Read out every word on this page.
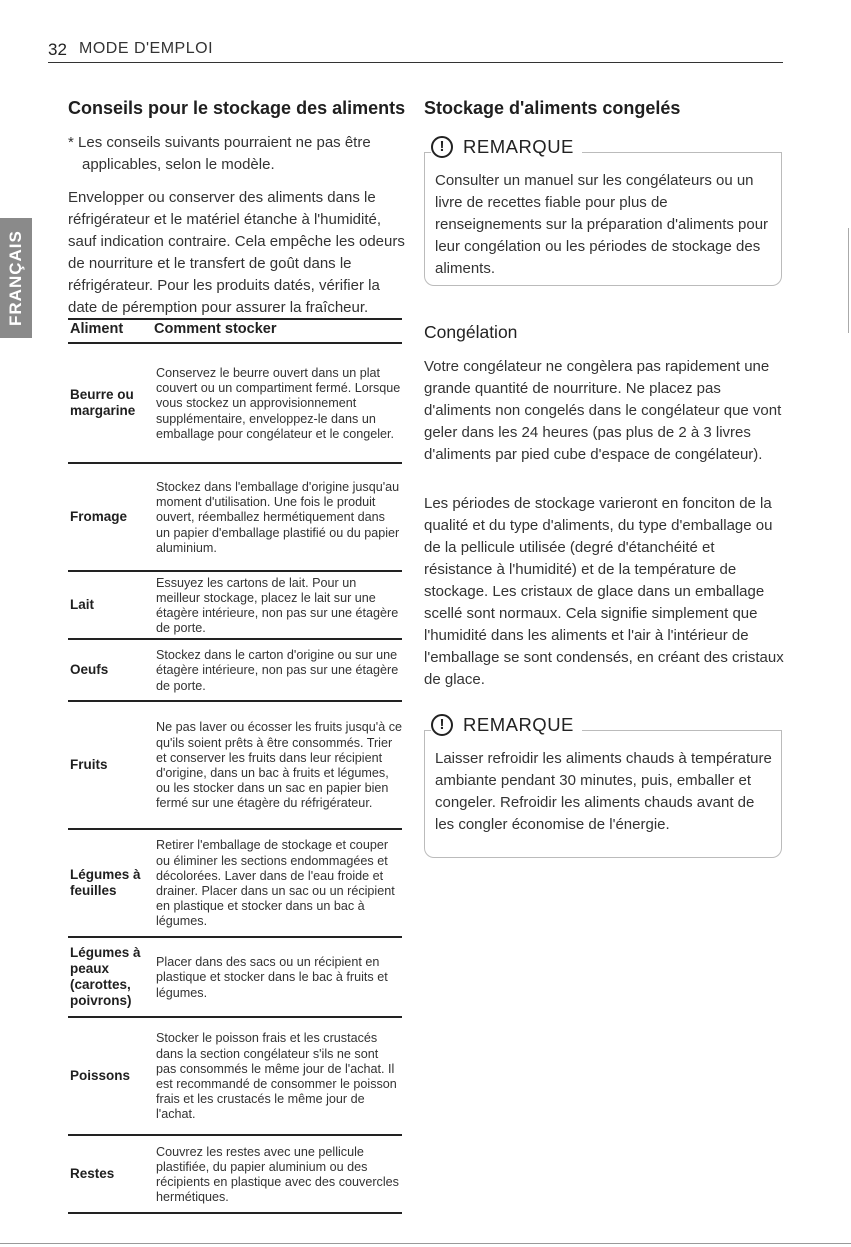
32 MODE D'EMPLOI
FRANÇAIS
Conseils pour le stockage des aliments

* Les conseils suivants pourraient ne pas être applicables, selon le modèle.

Envelopper ou conserver des aliments dans le réfrigérateur et le matériel étanche à l'humidité, sauf indication contraire. Cela empêche les odeurs de nourriture et le transfert de goût dans le réfrigérateur. Pour les produits datés, vérifier la date de péremption pour assurer la fraîcheur.

Aliment Comment stocker
Beurre ou margarine
Conservez le beurre ouvert dans un plat couvert ou un compartiment fermé. Lorsque vous stockez un approvisionnement supplémentaire, enveloppez-le dans un emballage pour congélateur et le congeler.
Fromage
Stockez dans l'emballage d'origine jusqu'au moment d'utilisation. Une fois le produit ouvert, réemballez hermétiquement dans un papier d'emballage plastifié ou du papier aluminium.
Lait
Essuyez les cartons de lait. Pour un meilleur stockage, placez le lait sur une étagère intérieure, non pas sur une étagère de porte.
Oeufs
Stockez dans le carton d'origine ou sur une étagère intérieure, non pas sur une étagère de porte.
Fruits
Ne pas laver ou écosser les fruits jusqu'à ce qu'ils soient prêts à être consommés. Trier et conserver les fruits dans leur récipient d'origine, dans un bac à fruits et légumes, ou les stocker dans un sac en papier bien fermé sur une étagère du réfrigérateur.
Légumes à feuilles
Retirer l'emballage de stockage et couper ou éliminer les sections endommagées et décolorées. Laver dans de l'eau froide et drainer. Placer dans un sac ou un récipient en plastique et stocker dans un bac à légumes.
Légumes à peaux (carottes, poivrons)
Placer dans des sacs ou un récipient en plastique et stocker dans le bac à fruits et légumes.
Poissons
Stocker le poisson frais et les crustacés dans la section congélateur s'ils ne sont pas consommés le même jour de l'achat. Il est recommandé de consommer le poisson frais et les crustacés le même jour de l'achat.
Restes
Couvrez les restes avec une pellicule plastifiée, du papier aluminium ou des récipients en plastique avec des couvercles hermétiques.
Stockage d'aliments congelés
!	REMARQUE

Consulter un manuel sur les congélateurs ou un livre de recettes fiable pour plus de renseignements sur la préparation d'aliments pour leur congélation ou les périodes de stockage des aliments.

Congélation

Votre congélateur ne congèlera pas rapidement une grande quantité de nourriture. Ne placez pas d'aliments non congelés dans le congélateur que vont geler dans les 24 heures (pas plus de 2 à 3 livres d'aliments par pied cube d'espace de congélateur).

Les périodes de stockage varieront en fonciton de la qualité et du type d'aliments, du type d'emballage ou de la pellicule utilisée (degré d'étanchéité et résistance à l'humidité) et de la température de stockage. Les cristaux de glace dans un emballage scellé sont normaux. Cela signifie simplement que l'humidité dans les aliments et l'air à l'intérieur de l'emballage se sont condensés, en créant des cristaux de glace.

!	REMARQUE

Laisser refroidir les aliments chauds à température ambiante pendant 30 minutes, puis, emballer et congeler. Refroidir les aliments chauds avant de les congler économise de l'énergie.
